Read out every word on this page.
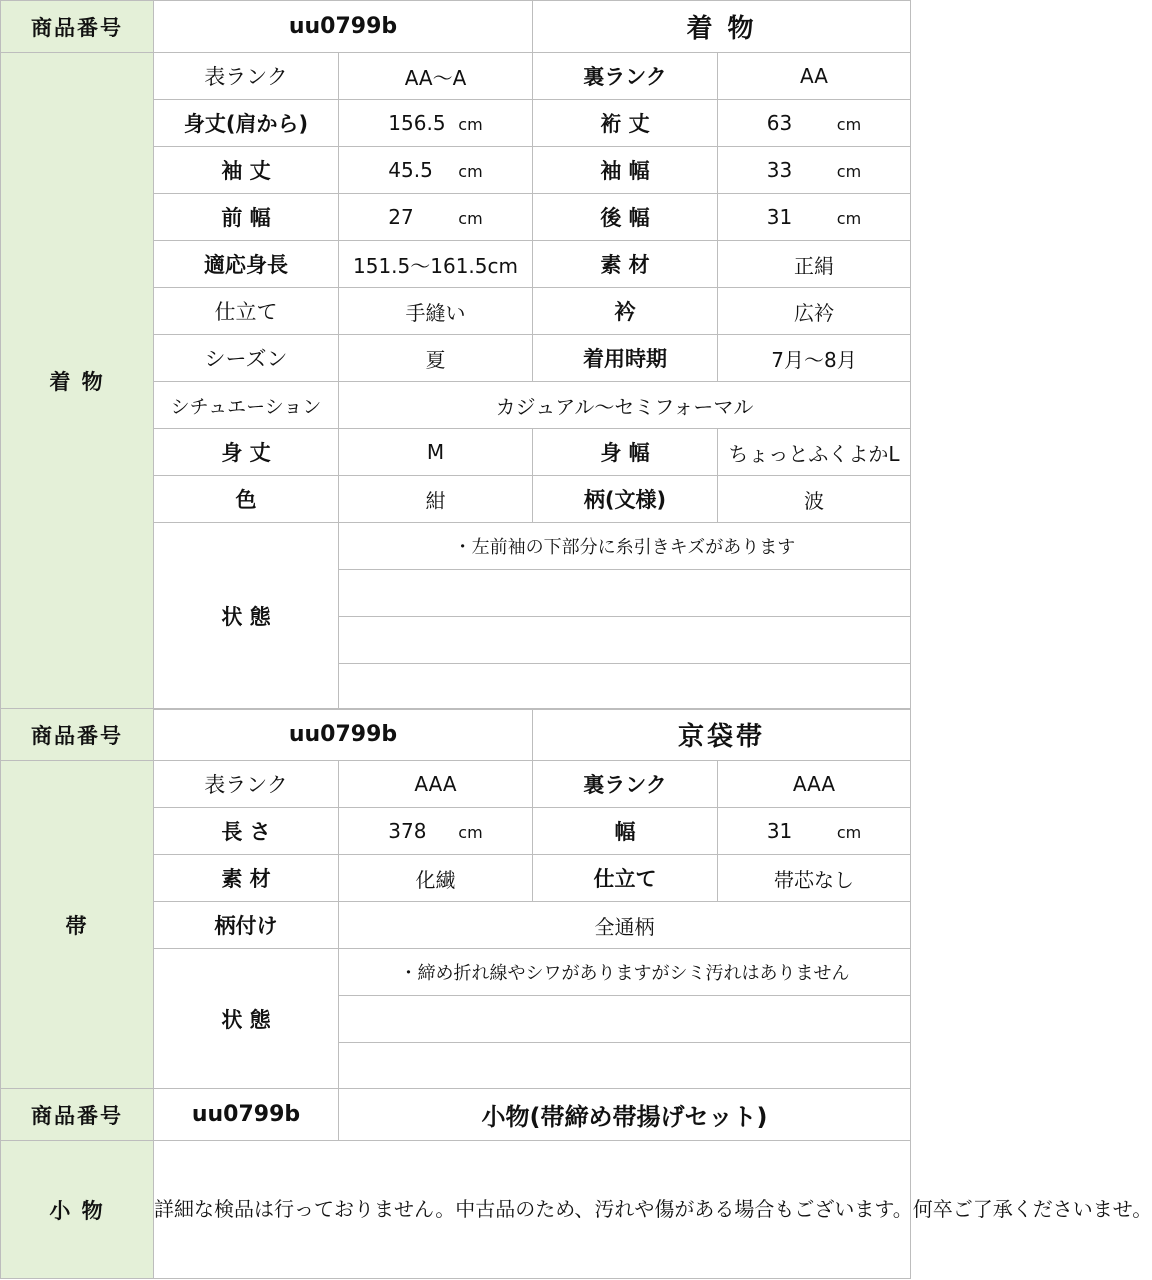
商品番号	uu0799b		着 物	
着 物	表ランク	AA～A	裏ランク	AA
	身丈(肩から)	156.5 cm	裄 丈	63 cm
	袖 丈	45.5 cm	袖 幅	33 cm
	前 幅	27 cm	後 幅	31 cm
	適応身長	151.5～161.5cm	素 材	正絹
	仕立て	手縫い	衿	広衿
	シーズン	夏	着用時期	7月～8月
	シチュエーション	カジュアル～セミフォーマル		
	身 丈	M	身 幅	ちょっとふくよかL
	色	紺	柄(文様)	波
	状 態	・左前袖の下部分に糸引きキズがあります		

商品番号	uu0799b		京袋帯	
帯	表ランク	AAA	裏ランク	AAA
	長 さ	378 cm	幅	31 cm
	素 材	化繊	仕立て	帯芯なし
	柄付け	全通柄		
	状 態	・締め折れ線やシワがありますがシミ汚れはありません		

商品番号	uu0799b	小物(帯締め帯揚げセット)
小 物	詳細な検品は行っておりません。中古品のため、汚れや傷がある場合もございます。何卒ご了承くださいませ。	
